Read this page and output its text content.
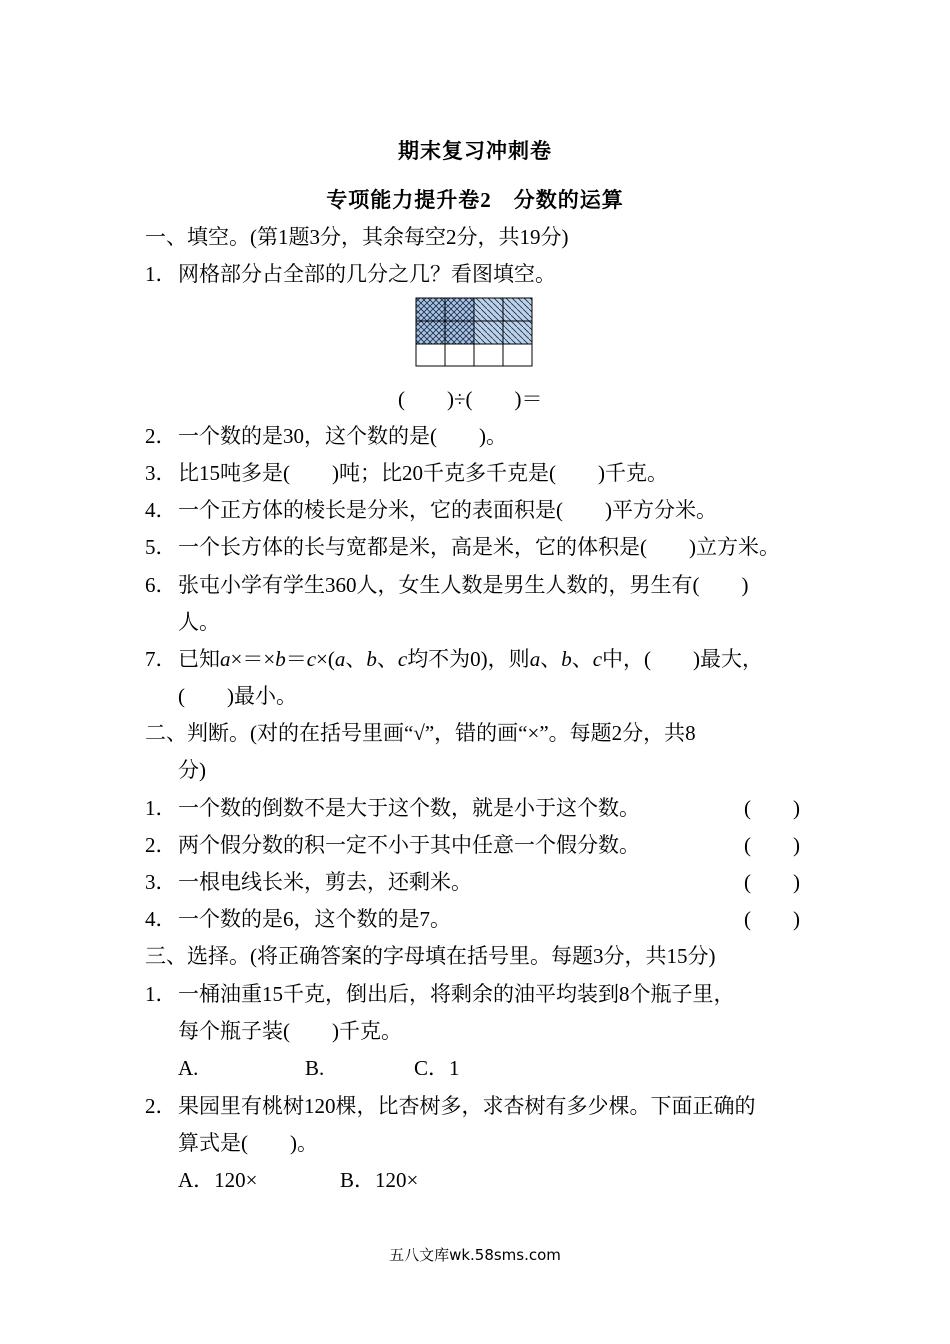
期末复习冲刺卷
专项能力提升卷2　分数的运算
一、填空。(第1题3分，其余每空2分，共19分)
1．网格部分占全部的几分之几？看图填空。
(　　)÷(　　)＝
2．一个数的是30，这个数的是(　　)。
3．比15吨多是(　　)吨；比20千克多千克是(　　)千克。
4．一个正方体的棱长是分米，它的表面积是(　　)平方分米。
5．一个长方体的长与宽都是米，高是米，它的体积是(　　)立方米。
6．张屯小学有学生360人，女生人数是男生人数的，男生有(　　)
人。
7．已知a×＝×b＝c×(a、b、c均不为0)，则a、b、c中，(　　)最大，
(　　)最小。
二、判断。(对的在括号里画“√”，错的画“×”。每题2分，共8
分)
1．一个数的倒数不是大于这个数，就是小于这个数。	(　　)
2．两个假分数的积一定不小于其中任意一个假分数。	(　　)
3．一根电线长米，剪去，还剩米。	(　　)
4．一个数的是6，这个数的是7。	(　　)
三、选择。(将正确答案的字母填在括号里。每题3分，共15分)
1．一桶油重15千克，倒出后，将剩余的油平均装到8个瓶子里，
每个瓶子装(　　)千克。
A.	B.	C．1
2．果园里有桃树120棵，比杏树多，求杏树有多少棵。下面正确的
算式是(　　)。
A．120×	B．120×
五八文库wk.58sms.com
